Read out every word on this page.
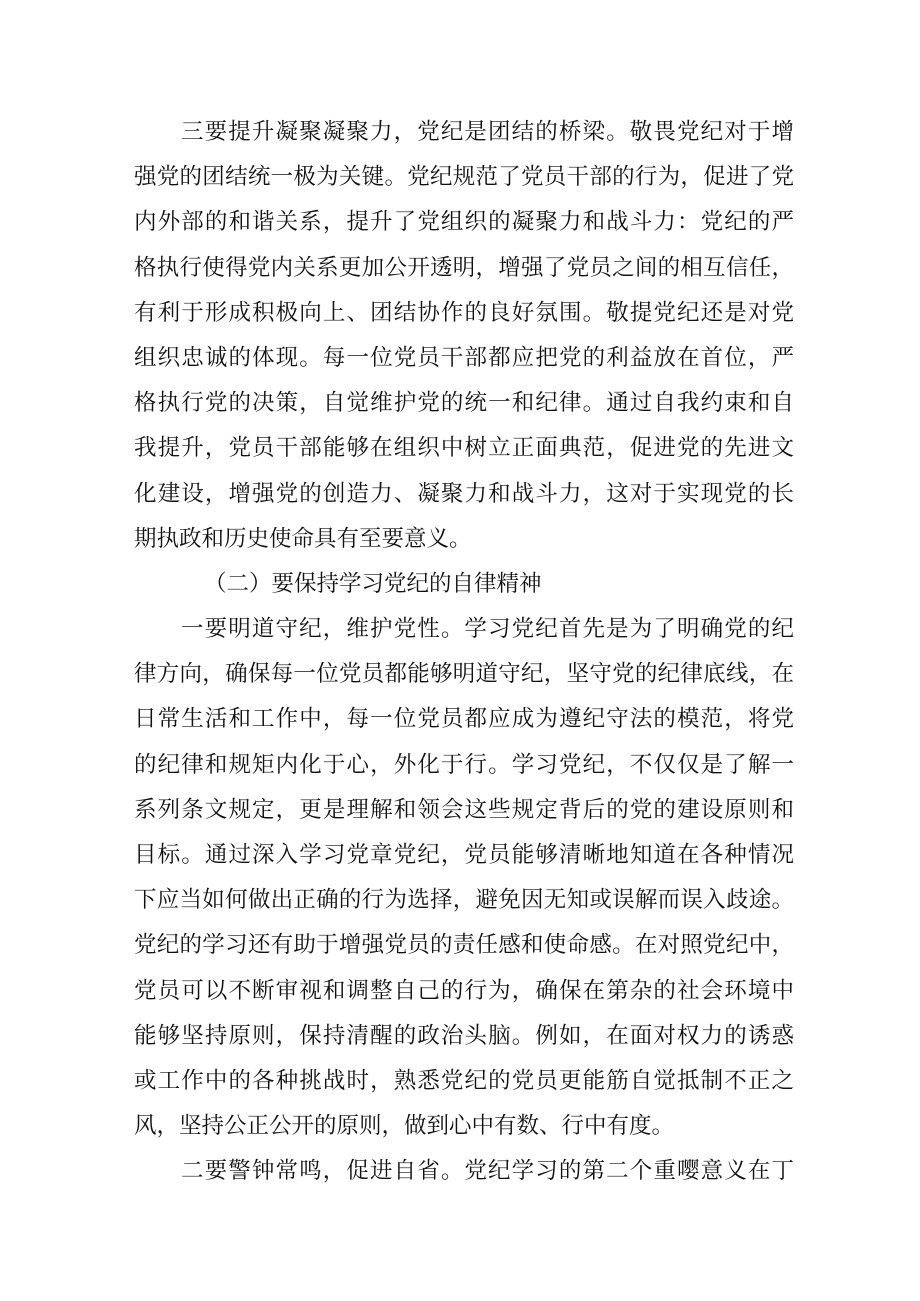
三要提升凝聚凝聚力，党纪是团结的桥梁。敬畏党纪对于增
强党的团结统一极为关键。党纪规范了党员干部的行为，促进了党
内外部的和谐关系，提升了党组织的凝聚力和战斗力：党纪的严
格执行使得党内关系更加公开透明，增强了党员之间的相互信任，
有利于形成积极向上、团结协作的良好氛围。敬提党纪还是对党
组织忠诚的体现。每一位党员干部都应把党的利益放在首位，严
格执行党的决策，自觉维护党的统一和纪律。通过自我约束和自
我提升，党员干部能够在组织中树立正面典范，促进党的先进文
化建设，增强党的创造力、凝聚力和战斗力，这对于实现党的长
期执政和历史使命具有至要意义。
（二）要保持学习党纪的自律精神
一要明道守纪，维护党性。学习党纪首先是为了明确党的纪
律方向，确保每一位党员都能够明道守纪，坚守党的纪律底线，在
日常生活和工作中，每一位党员都应成为遵纪守法的模范，将党
的纪律和规矩内化于心，外化于行。学习党纪，不仅仅是了解一
系列条文规定，更是理解和领会这些规定背后的党的建设原则和
目标。通过深入学习党章党纪，党员能够清晰地知道在各种情况
下应当如何做出正确的行为选择，避免因无知或误解而误入歧途。
党纪的学习还有助于增强党员的责任感和使命感。在对照党纪中，
党员可以不断审视和调整自己的行为，确保在第杂的社会环境中
能够坚持原则，保持清醒的政治头脑。例如，在面对权力的诱惑
或工作中的各种挑战时，熟悉党纪的党员更能筋自觉抵制不正之
风，坚持公正公开的原则，做到心中有数、行中有度。
二要警钟常鸣，促进自省。党纪学习的第二个重嘤意义在丁
